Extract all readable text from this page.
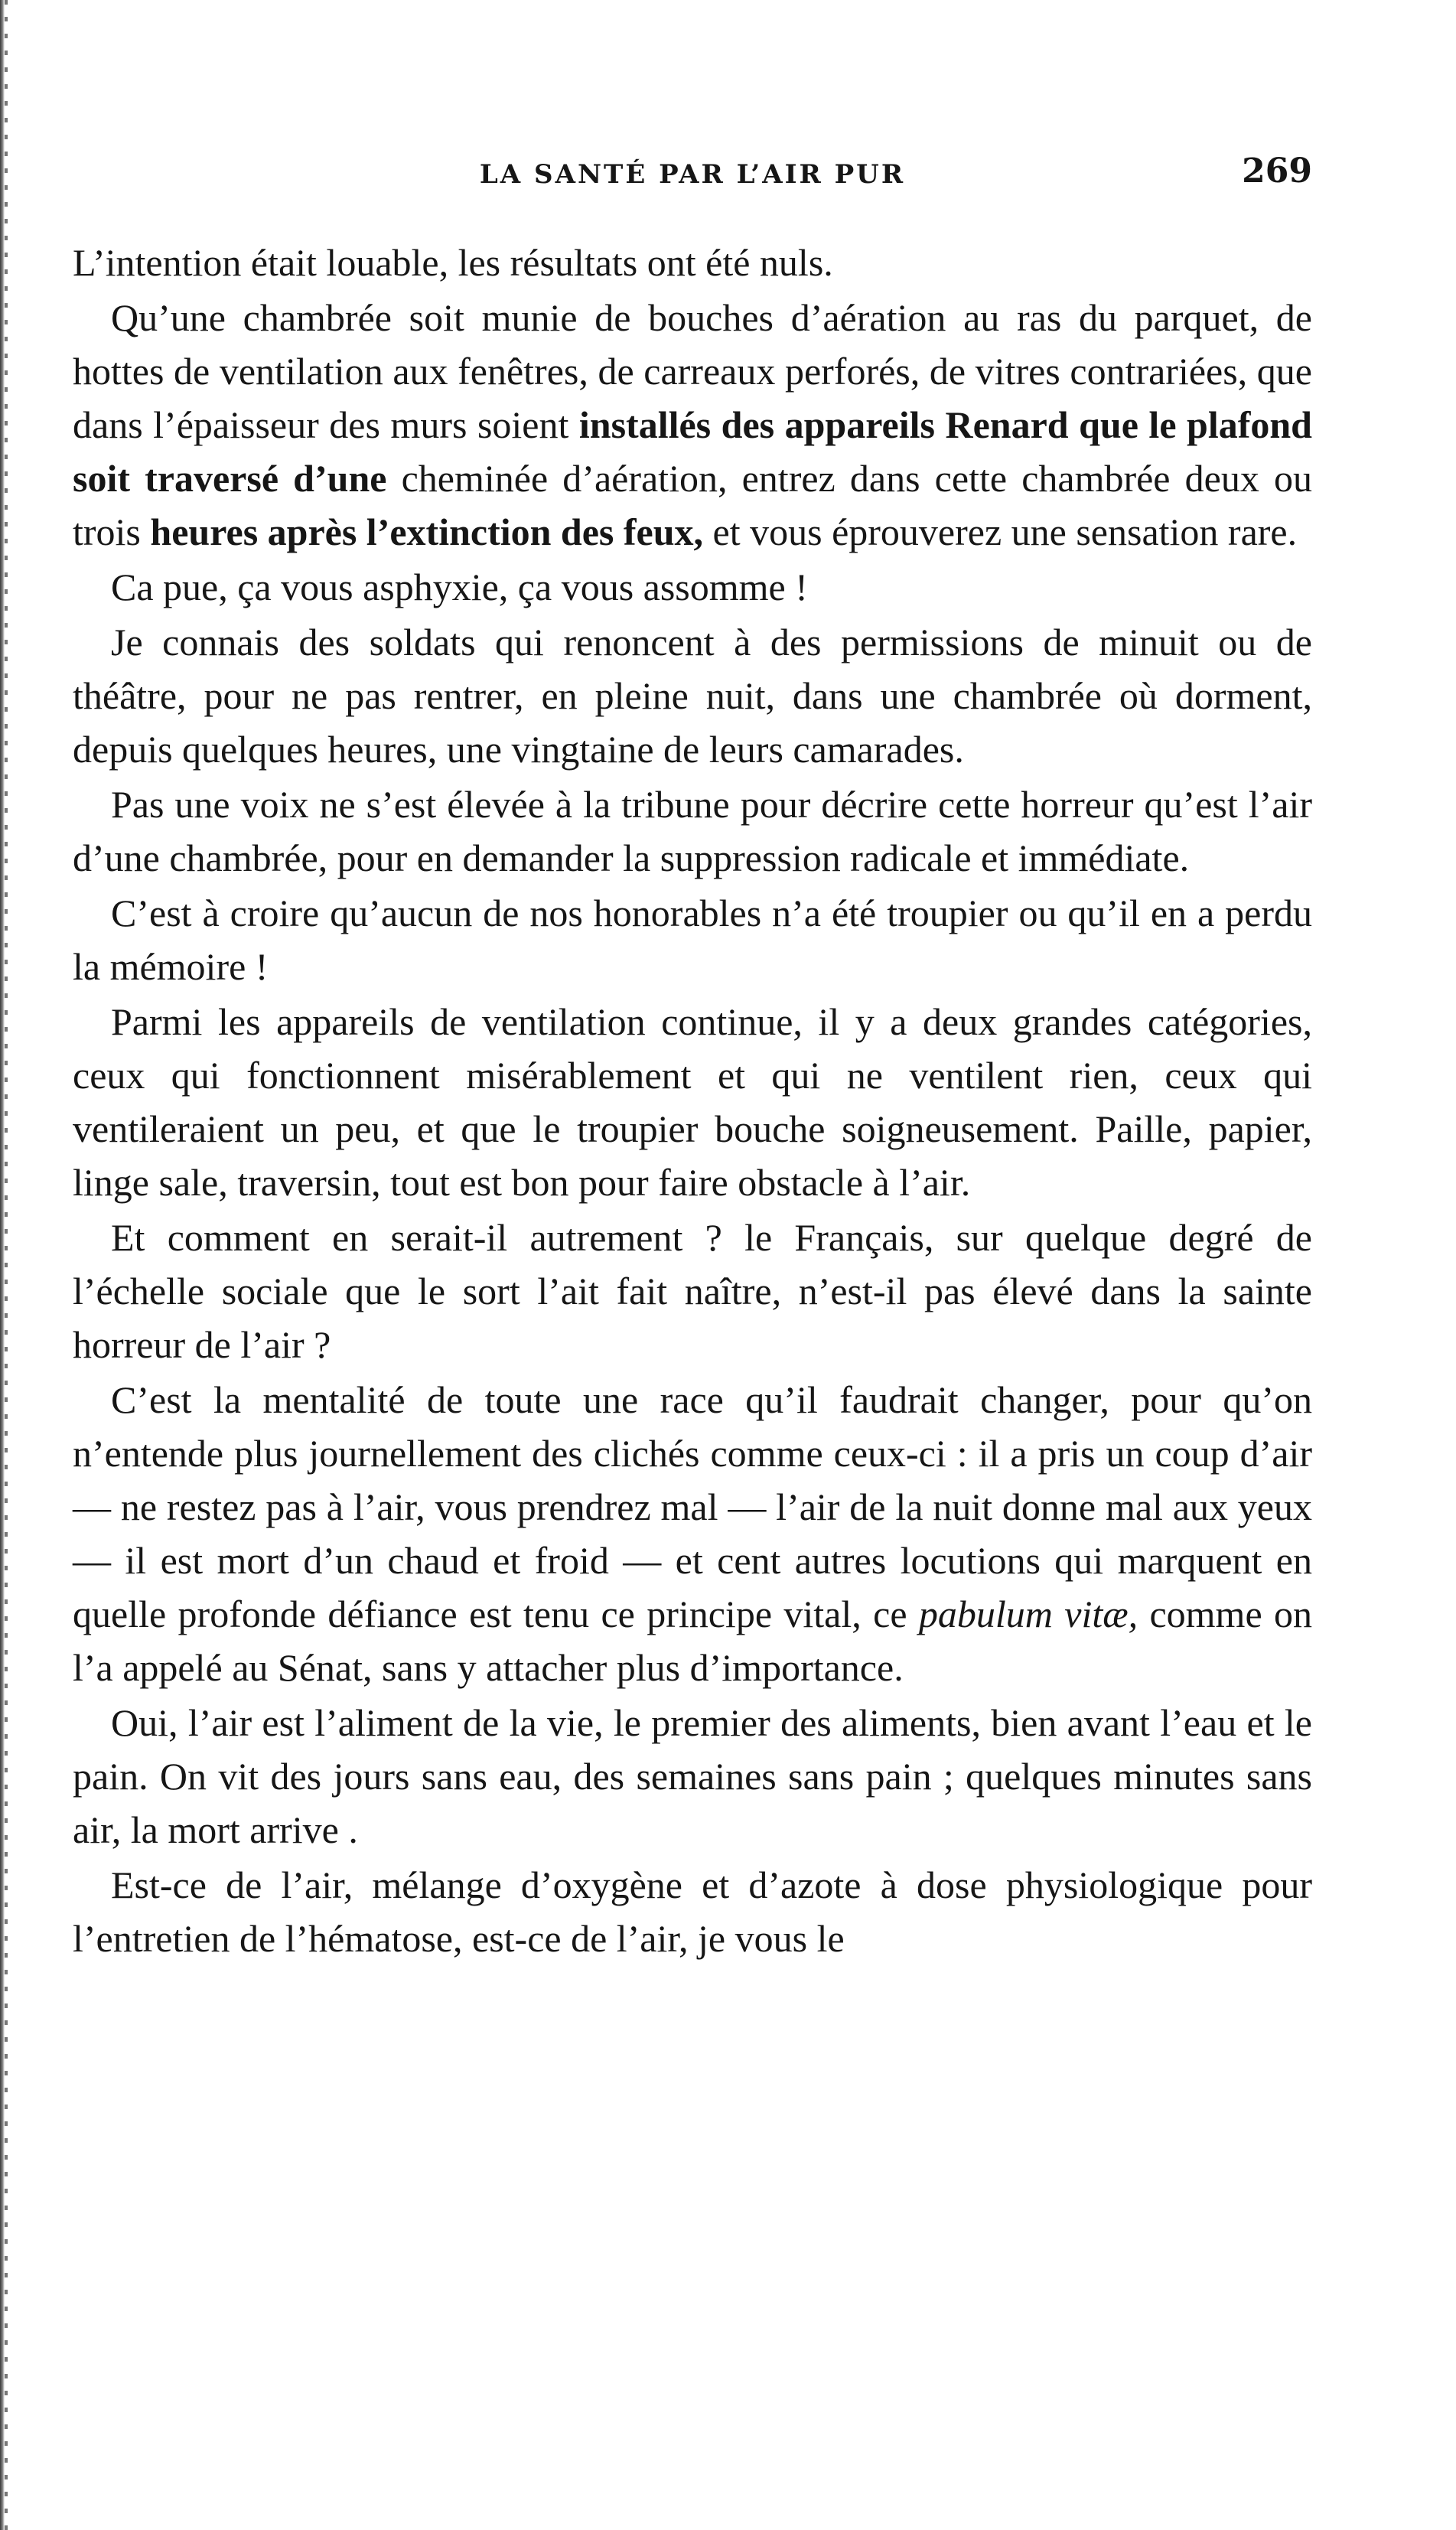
LA SANTÉ PAR L’AIR PUR	269

L’intention était louable, les résultats ont été nuls.

Qu’une chambrée soit munie de bouches d’aération au ras du parquet, de hottes de ventilation aux fenêtres, de carreaux perforés, de vitres contrariées, que dans l’épaisseur des murs soient installés des appareils Renard que le plafond soit traversé d’une cheminée d’aération, entrez dans cette chambrée deux ou trois heures après l’extinction des feux, et vous éprouverez une sensation rare.

Ca pue, ça vous asphyxie, ça vous assomme !

Je connais des soldats qui renoncent à des permissions de minuit ou de théâtre, pour ne pas rentrer, en pleine nuit, dans une chambrée où dorment, depuis quelques heures, une vingtaine de leurs camarades.

Pas une voix ne s’est élevée à la tribune pour décrire cette horreur qu’est l’air d’une chambrée, pour en demander la suppression radicale et immédiate.

C’est à croire qu’aucun de nos honorables n’a été troupier ou qu’il en a perdu la mémoire !

Parmi les appareils de ventilation continue, il y a deux grandes catégories, ceux qui fonctionnent misérablement et qui ne ventilent rien, ceux qui ventileraient un peu, et que le troupier bouche soigneusement. Paille, papier, linge sale, traversin, tout est bon pour faire obstacle à l’air.

Et comment en serait-il autrement ? le Français, sur quelque degré de l’échelle sociale que le sort l’ait fait naître, n’est-il pas élevé dans la sainte horreur de l’air ?

C’est la mentalité de toute une race qu’il faudrait changer, pour qu’on n’entende plus journellement des clichés comme ceux-ci : il a pris un coup d’air — ne restez pas à l’air, vous prendrez mal — l’air de la nuit donne mal aux yeux — il est mort d’un chaud et froid — et cent autres locutions qui marquent en quelle profonde défiance est tenu ce principe vital, ce pabulum vitæ, comme on l’a appelé au Sénat, sans y attacher plus d’importance.

Oui, l’air est l’aliment de la vie, le premier des aliments, bien avant l’eau et le pain. On vit des jours sans eau, des semaines sans pain ; quelques minutes sans air, la mort arrive .

Est-ce de l’air, mélange d’oxygène et d’azote à dose physiologique pour l’entretien de l’hématose, est-ce de l’air, je vous le
